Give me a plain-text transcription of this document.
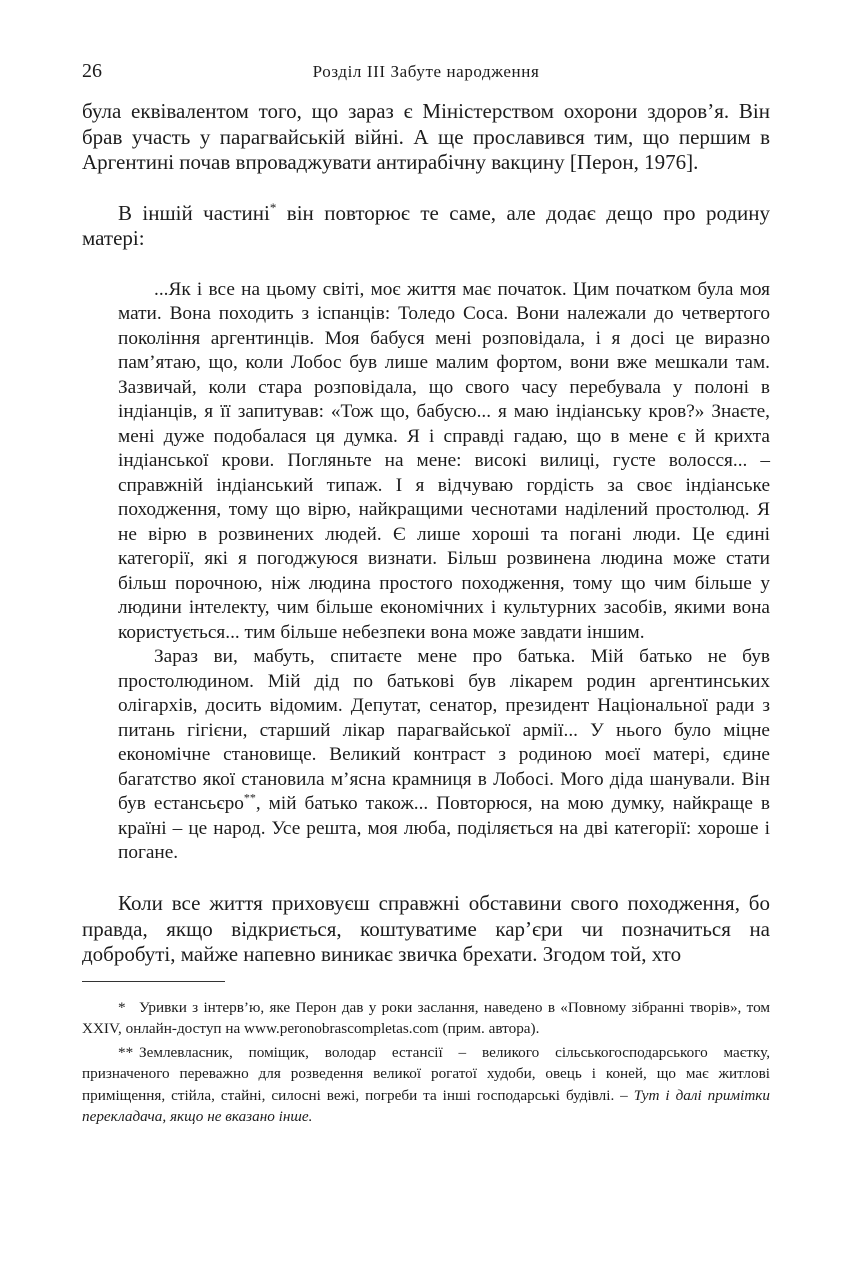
26	Розділ III Забуте народження

була еквівалентом того, що зараз є Міністерством охорони здоров’я. Він брав участь у парагвайській війні. А ще прославився тим, що першим в Аргентині почав впроваджувати антирабічну вакцину [Перон, 1976].

В іншій частині* він повторює те саме, але додає дещо про родину матері:

...Як і все на цьому світі, моє життя має початок. Цим початком була моя мати. Вона походить з іспанців: Толедо Соса. Вони належали до четвертого покоління аргентинців. Моя бабуся мені розповідала, і я досі це виразно пам’ятаю, що, коли Лобос був лише малим фортом, вони вже мешкали там. Зазвичай, коли стара розповідала, що свого часу перебувала у полоні в індіанців, я її запитував: «Тож що, бабусю... я маю індіанську кров?» Знаєте, мені дуже подобалася ця думка. Я і справді гадаю, що в мене є й крихта індіанської крови. Погляньте на мене: високі вилиці, густе волосся... – справжній індіанський типаж. І я відчуваю гордість за своє індіанське походження, тому що вірю, найкращими чеснотами наділений простолюд. Я не вірю в розвинених людей. Є лише хороші та погані люди. Це єдині категорії, які я погоджуюся визнати. Більш розвинена людина може стати більш порочною, ніж людина простого походження, тому що чим більше у людини інтелекту, чим більше економічних і культурних засобів, якими вона користується... тим більше небезпеки вона може завдати іншим.

Зараз ви, мабуть, спитаєте мене про батька. Мій батько не був простолюдином. Мій дід по батькові був лікарем родин аргентинських олігархів, досить відомим. Депутат, сенатор, президент Національної ради з питань гігієни, старший лікар парагвайської армії... У нього було міцне економічне становище. Великий контраст з родиною моєї матері, єдине багатство якої становила м’ясна крамниця в Лобосі. Мого діда шанували. Він був естансьєро**, мій батько також... Повторюся, на мою думку, найкраще в країні – це народ. Усе решта, моя люба, поділяється на дві категорії: хороше і погане.

Коли все життя приховуєш справжні обставини свого походження, бо правда, якщо відкриється, коштуватиме кар’єри чи позначиться на добробуті, майже напевно виникає звичка брехати. Згодом той, хто

* Уривки з інтерв’ю, яке Перон дав у роки заслання, наведено в «Повному зібранні творів», том XXIV, онлайн-доступ на www.peronobrascompletas.com (прим. автора).

** Землевласник, поміщик, володар естансії – великого сільськогосподарського маєтку, призначеного переважно для розведення великої рогатої худоби, овець і коней, що має житлові приміщення, стійла, стайні, силосні вежі, погреби та інші господарські будівлі. – Тут і далі примітки перекладача, якщо не вказано інше.
